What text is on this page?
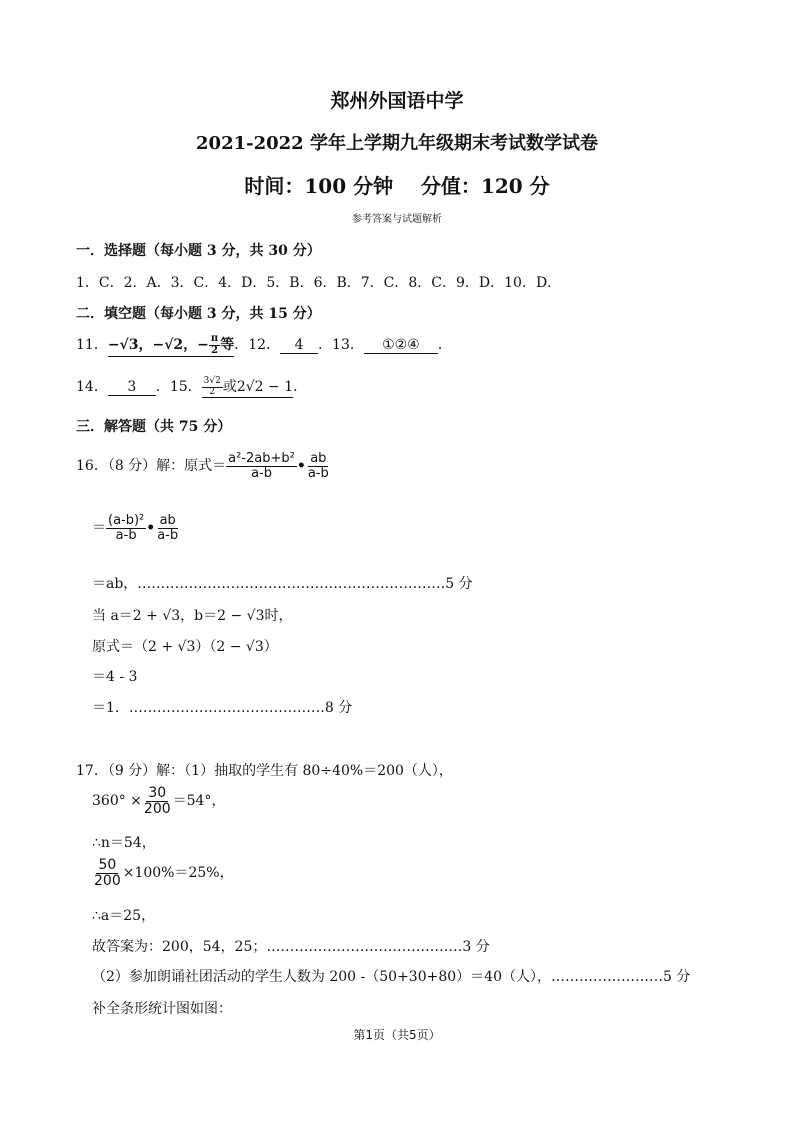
郑州外国语中学
2021-2022 学年上学期九年级期末考试数学试卷
时间：100 分钟    分值：120 分
参考答案与试题解析
一．选择题（每小题 3 分，共 30 分）
1．C．2．A．3．C．4．D．5．B．6．B．7．C．8．C．9．D．10．D．
二．填空题（每小题 3 分，共 15 分）
11．−√3，−√2，− $\frac{\pi}{2}$ 等．12． 4 ．13． ①②④ ．
14． 3 ．15． $\frac{3√2}{2}$ 或2√2 − 1．
三．解答题（共 75 分）
16．（8 分）解：原式＝ $\frac{\text{a²-2ab+b²}}{a-b}$ • $\frac{ab}{a-b}$
＝ $\frac{\text{(a-b)²}}{a-b}$ • $\frac{ab}{a-b}$
＝ab，…………………………………………………………5 分
当 a＝2 + √3，b＝2 − √3时，
原式＝（2 + √3）（2 − √3）
＝4 - 3
＝1．……………………………………8 分
17．（9 分）解：（1）抽取的学生有 80÷40%＝200（人），
$360^\circ \times \frac{30}{200} =54^\circ$，
∴n＝54，
$\frac{50}{200} \times 100\%=25\%$，
∴a＝25，
故答案为：200，54，25；……………………………………3 分
（2）参加朗诵社团活动的学生人数为 200 -（50+30+80）＝40（人），……………………5 分
补全条形统计图如图：
第1页（共5页）
